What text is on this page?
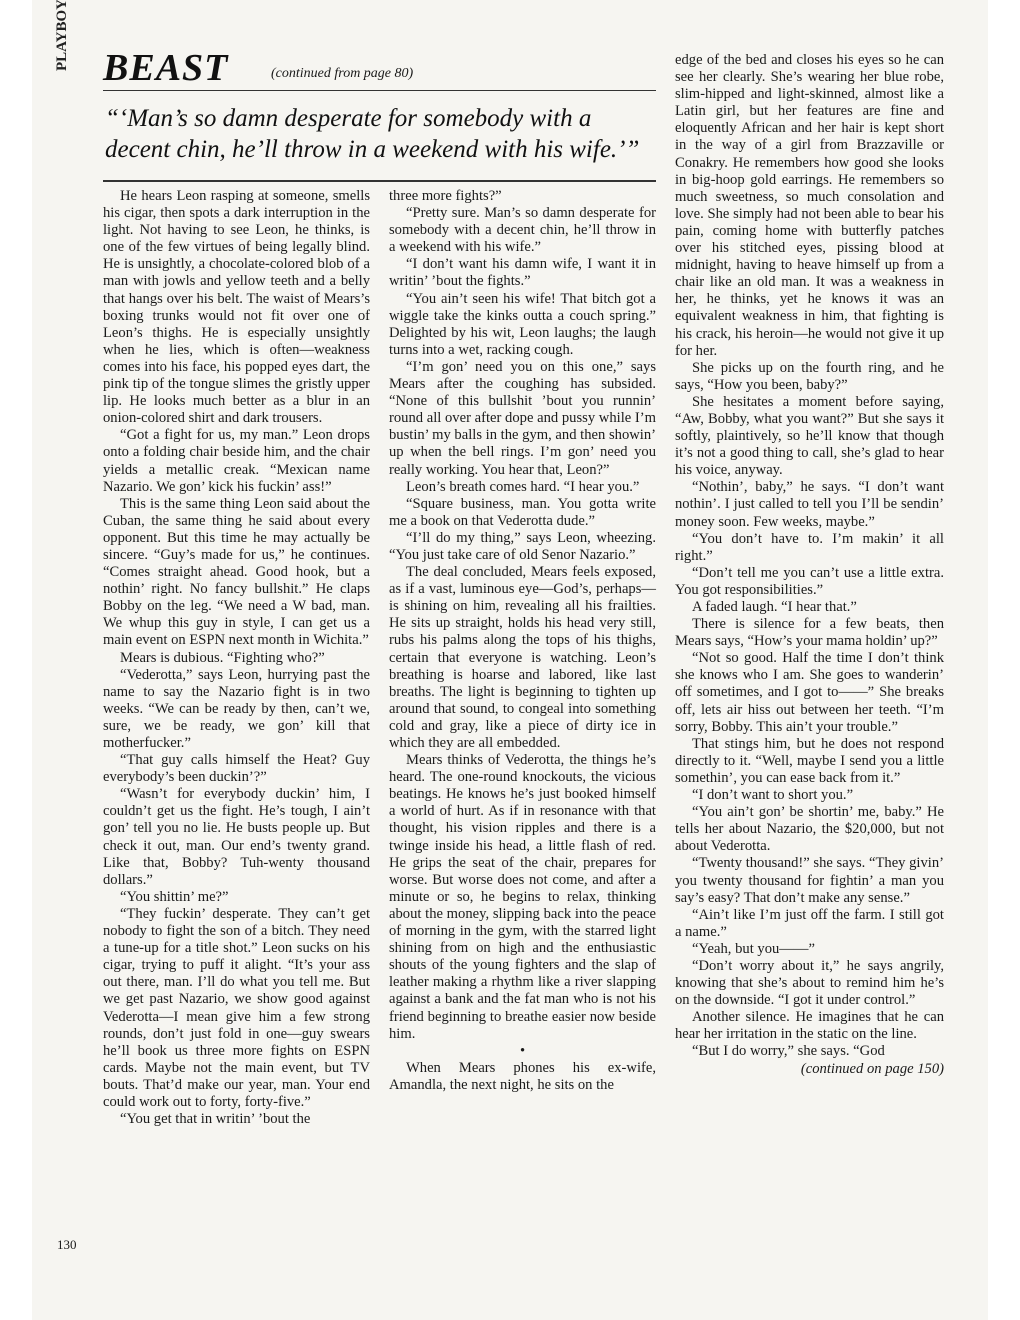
BEAST	(continued from page 80)

“‘Man’s so damn desperate for somebody with a decent chin, he’ll throw in a weekend with his wife.’”

He hears Leon rasping at someone, smells his cigar, then spots a dark interruption in the light. Not having to see Leon, he thinks, is one of the few virtues of being legally blind. He is unsightly, a chocolate-colored blob of a man with jowls and yellow teeth and a belly that hangs over his belt. The waist of Mears’s boxing trunks would not fit over one of Leon’s thighs. He is especially unsightly when he lies, which is often—weakness comes into his face, his popped eyes dart, the pink tip of the tongue slimes the gristly upper lip. He looks much better as a blur in an onion-colored shirt and dark trousers.

“Got a fight for us, my man.” Leon drops onto a folding chair beside him, and the chair yields a metallic creak. “Mexican name Nazario. We gon’ kick his fuckin’ ass!”

This is the same thing Leon said about the Cuban, the same thing he said about every opponent. But this time he may actually be sincere. “Guy’s made for us,” he continues. “Comes straight ahead. Good hook, but a nothin’ right. No fancy bullshit.” He claps Bobby on the leg. “We need a W bad, man. We whup this guy in style, I can get us a main event on ESPN next month in Wichita.”

Mears is dubious. “Fighting who?”

“Vederotta,” says Leon, hurrying past the name to say the Nazario fight is in two weeks. “We can be ready by then, can’t we, sure, we be ready, we gon’ kill that motherfucker.”

“That guy calls himself the Heat? Guy everybody’s been duckin’?”

“Wasn’t for everybody duckin’ him, I couldn’t get us the fight. He’s tough, I ain’t gon’ tell you no lie. He busts people up. But check it out, man. Our end’s twenty grand. Like that, Bobby? Tuh-wenty thousand dollars.”

“You shittin’ me?”

“They fuckin’ desperate. They can’t get nobody to fight the son of a bitch. They need a tune-up for a title shot.” Leon sucks on his cigar, trying to puff it alight. “It’s your ass out there, man. I’ll do what you tell me. But we get past Nazario, we show good against Vederotta—I mean give him a few strong rounds, don’t just fold in one—guy swears he’ll book us three more fights on ESPN cards. Maybe not the main event, but TV bouts. That’d make our year, man. Your end could work out to forty, forty-five.”

“You get that in writin’ ’bout the

three more fights?”

“Pretty sure. Man’s so damn desperate for somebody with a decent chin, he’ll throw in a weekend with his wife.”

“I don’t want his damn wife, I want it in writin’ ’bout the fights.”

“You ain’t seen his wife! That bitch got a wiggle take the kinks outta a couch spring.” Delighted by his wit, Leon laughs; the laugh turns into a wet, racking cough.

“I’m gon’ need you on this one,” says Mears after the coughing has subsided. “None of this bullshit ’bout you runnin’ round all over after dope and pussy while I’m bustin’ my balls in the gym, and then showin’ up when the bell rings. I’m gon’ need you really working. You hear that, Leon?”

Leon’s breath comes hard. “I hear you.”

“Square business, man. You gotta write me a book on that Vederotta dude.”

“I’ll do my thing,” says Leon, wheezing. “You just take care of old Senor Nazario.”

The deal concluded, Mears feels exposed, as if a vast, luminous eye—God’s, perhaps—is shining on him, revealing all his frailties. He sits up straight, holds his head very still, rubs his palms along the tops of his thighs, certain that everyone is watching. Leon’s breathing is hoarse and labored, like last breaths. The light is beginning to tighten up around that sound, to congeal into something cold and gray, like a piece of dirty ice in which they are all embedded.

Mears thinks of Vederotta, the things he’s heard. The one-round knockouts, the vicious beatings. He knows he’s just booked himself a world of hurt. As if in resonance with that thought, his vision ripples and there is a twinge inside his head, a little flash of red. He grips the seat of the chair, prepares for worse. But worse does not come, and after a minute or so, he begins to relax, thinking about the money, slipping back into the peace of morning in the gym, with the starred light shining from on high and the enthusiastic shouts of the young fighters and the slap of leather making a rhythm like a river slapping against a bank and the fat man who is not his friend beginning to breathe easier now beside him.

•

When Mears phones his ex-wife, Amandla, the next night, he sits on the

edge of the bed and closes his eyes so he can see her clearly. She’s wearing her blue robe, slim-hipped and light-skinned, almost like a Latin girl, but her features are fine and eloquently African and her hair is kept short in the way of a girl from Brazzaville or Conakry. He remembers how good she looks in big-hoop gold earrings. He remembers so much sweetness, so much consolation and love. She simply had not been able to bear his pain, coming home with butterfly patches over his stitched eyes, pissing blood at midnight, having to heave himself up from a chair like an old man. It was a weakness in her, he thinks, yet he knows it was an equivalent weakness in him, that fighting is his crack, his heroin—he would not give it up for her.

She picks up on the fourth ring, and he says, “How you been, baby?”

She hesitates a moment before saying, “Aw, Bobby, what you want?” But she says it softly, plaintively, so he’ll know that though it’s not a good thing to call, she’s glad to hear his voice, anyway.

“Nothin’, baby,” he says. “I don’t want nothin’. I just called to tell you I’ll be sendin’ money soon. Few weeks, maybe.”

“You don’t have to. I’m makin’ it all right.”

“Don’t tell me you can’t use a little extra. You got responsibilities.”

A faded laugh. “I hear that.”

There is silence for a few beats, then Mears says, “How’s your mama holdin’ up?”

“Not so good. Half the time I don’t think she knows who I am. She goes to wanderin’ off sometimes, and I got to——” She breaks off, lets air hiss out between her teeth. “I’m sorry, Bobby. This ain’t your trouble.”

That stings him, but he does not respond directly to it. “Well, maybe I send you a little somethin’, you can ease back from it.”

“I don’t want to short you.”

“You ain’t gon’ be shortin’ me, baby.” He tells her about Nazario, the $20,000, but not about Vederotta.

“Twenty thousand!” she says. “They givin’ you twenty thousand for fightin’ a man you say’s easy? That don’t make any sense.”

“Ain’t like I’m just off the farm. I still got a name.”

“Yeah, but you——”

“Don’t worry about it,” he says angrily, knowing that she’s about to remind him he’s on the downside. “I got it under control.”

Another silence. He imagines that he can hear her irritation in the static on the line.

“But I do worry,” she says. “God

(continued on page 150)

130
